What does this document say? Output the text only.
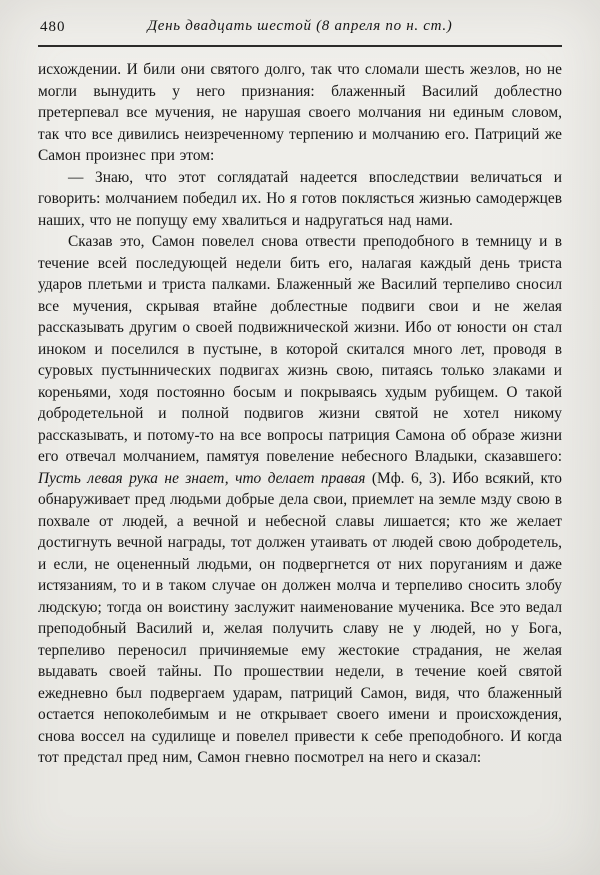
480	День двадцать шестой (8 апреля по н. ст.)

исхождении. И били они святого долго, так что сломали шесть жезлов, но не могли вынудить у него признания: блаженный Василий доблестно претерпевал все мучения, не нарушая своего молчания ни единым словом, так что все дивились неизреченному терпению и молчанию его. Патриций же Самон произнес при этом:

— Знаю, что этот соглядатай надеется впоследствии величаться и говорить: молчанием победил их. Но я готов поклясться жизнью самодержцев наших, что не попущу ему хвалиться и надругаться над нами.

Сказав это, Самон повелел снова отвести преподобного в темницу и в течение всей последующей недели бить его, налагая каждый день триста ударов плетьми и триста палками. Блаженный же Василий терпеливо сносил все мучения, скрывая втайне доблестные подвиги свои и не желая рассказывать другим о своей подвижнической жизни. Ибо от юности он стал иноком и поселился в пустыне, в которой скитался много лет, проводя в суровых пустыннических подвигах жизнь свою, питаясь только злаками и кореньями, ходя постоянно босым и покрываясь худым рубищем. О такой добродетельной и полной подвигов жизни святой не хотел никому рассказывать, и потому-то на все вопросы патриция Самона об образе жизни его отвечал молчанием, памятуя повеление небесного Владыки, сказавшего: Пусть левая рука не знает, что делает правая (Мф. 6, 3). Ибо всякий, кто обнаруживает пред людьми добрые дела свои, приемлет на земле мзду свою в похвале от людей, а вечной и небесной славы лишается; кто же желает достигнуть вечной награды, тот должен утаивать от людей свою добродетель, и если, не оцененный людьми, он подвергнется от них поруганиям и даже истязаниям, то и в таком случае он должен молча и терпеливо сносить злобу людскую; тогда он воистину заслужит наименование мученика. Все это ведал преподобный Василий и, желая получить славу не у людей, но у Бога, терпеливо переносил причиняемые ему жестокие страдания, не желая выдавать своей тайны. По прошествии недели, в течение коей святой ежедневно был подвергаем ударам, патриций Самон, видя, что блаженный остается непоколебимым и не открывает своего имени и происхождения, снова воссел на судилище и повелел привести к себе преподобного. И когда тот предстал пред ним, Самон гневно посмотрел на него и сказал:
